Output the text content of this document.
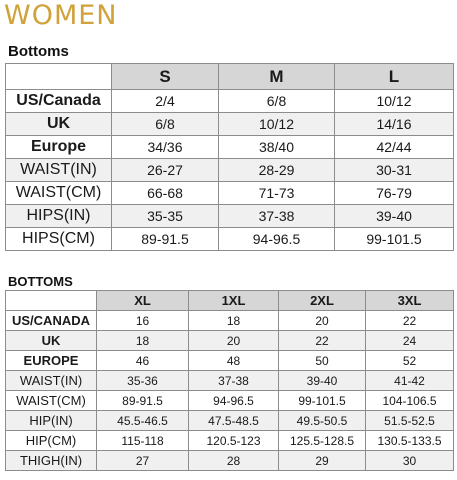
WOMEN
Bottoms
	S	M	L
US/Canada	2/4	6/8	10/12
UK	6/8	10/12	14/16
Europe	34/36	38/40	42/44
WAIST(IN)	26-27	28-29	30-31
WAIST(CM)	66-68	71-73	76-79
HIPS(IN)	35-35	37-38	39-40
HIPS(CM)	89-91.5	94-96.5	99-101.5
BOTTOMS
	XL	1XL	2XL	3XL
US/CANADA	16	18	20	22
UK	18	20	22	24
EUROPE	46	48	50	52
WAIST(IN)	35-36	37-38	39-40	41-42
WAIST(CM)	89-91.5	94-96.5	99-101.5	104-106.5
HIP(IN)	45.5-46.5	47.5-48.5	49.5-50.5	51.5-52.5
HIP(CM)	115-118	120.5-123	125.5-128.5	130.5-133.5
THIGH(IN)	27	28	29	30
